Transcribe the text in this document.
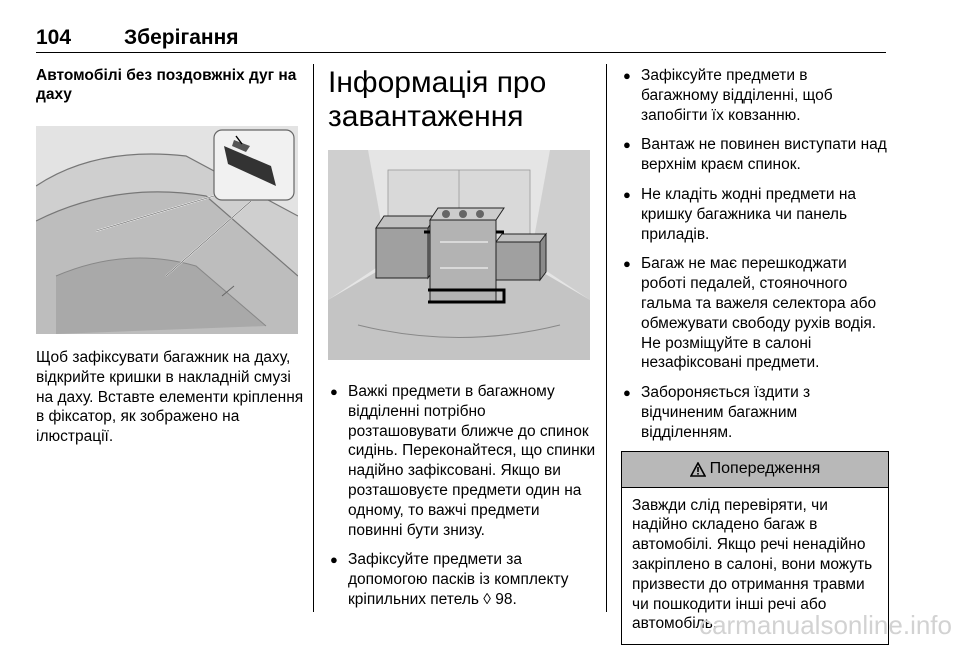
104	Зберігання

Автомобілі без поздовжніх дуг на даху

Щоб зафіксувати багажник на даху, відкрийте кришки в накладній смузі на даху. Вставте елементи кріплення в фіксатор, як зображено на ілюстрації.

Інформація про завантаження
● Важкі предмети в багажному відділенні потрібно розташовувати ближче до спинок сидінь. Переконайтеся, що спинки надійно зафіксовані. Якщо ви розташовуєте предмети один на одному, то важчі предмети повинні бути знизу.
● Зафіксуйте предмети за допомогою пасків із комплекту кріпильних петель ◊ 98.
● Зафіксуйте предмети в багажному відділенні, щоб запобігти їх ковзанню.
● Вантаж не повинен виступати над верхнім краєм спинок.
● Не кладіть жодні предмети на кришку багажника чи панель приладів.
● Багаж не має перешкоджати роботі педалей, стояночного гальма та важеля селектора або обмежувати свободу рухів водія. Не розміщуйте в салоні незафіксовані предмети.
● Забороняється їздити з відчиненим багажним відділенням.
Попередження
Завжди слід перевіряти, чи надійно складено багаж в автомобілі. Якщо речі ненадійно закріплено в салоні, вони можуть призвести до отримання травми чи пошкодити інші речі або автомобіль.
carmanualsonline.info
